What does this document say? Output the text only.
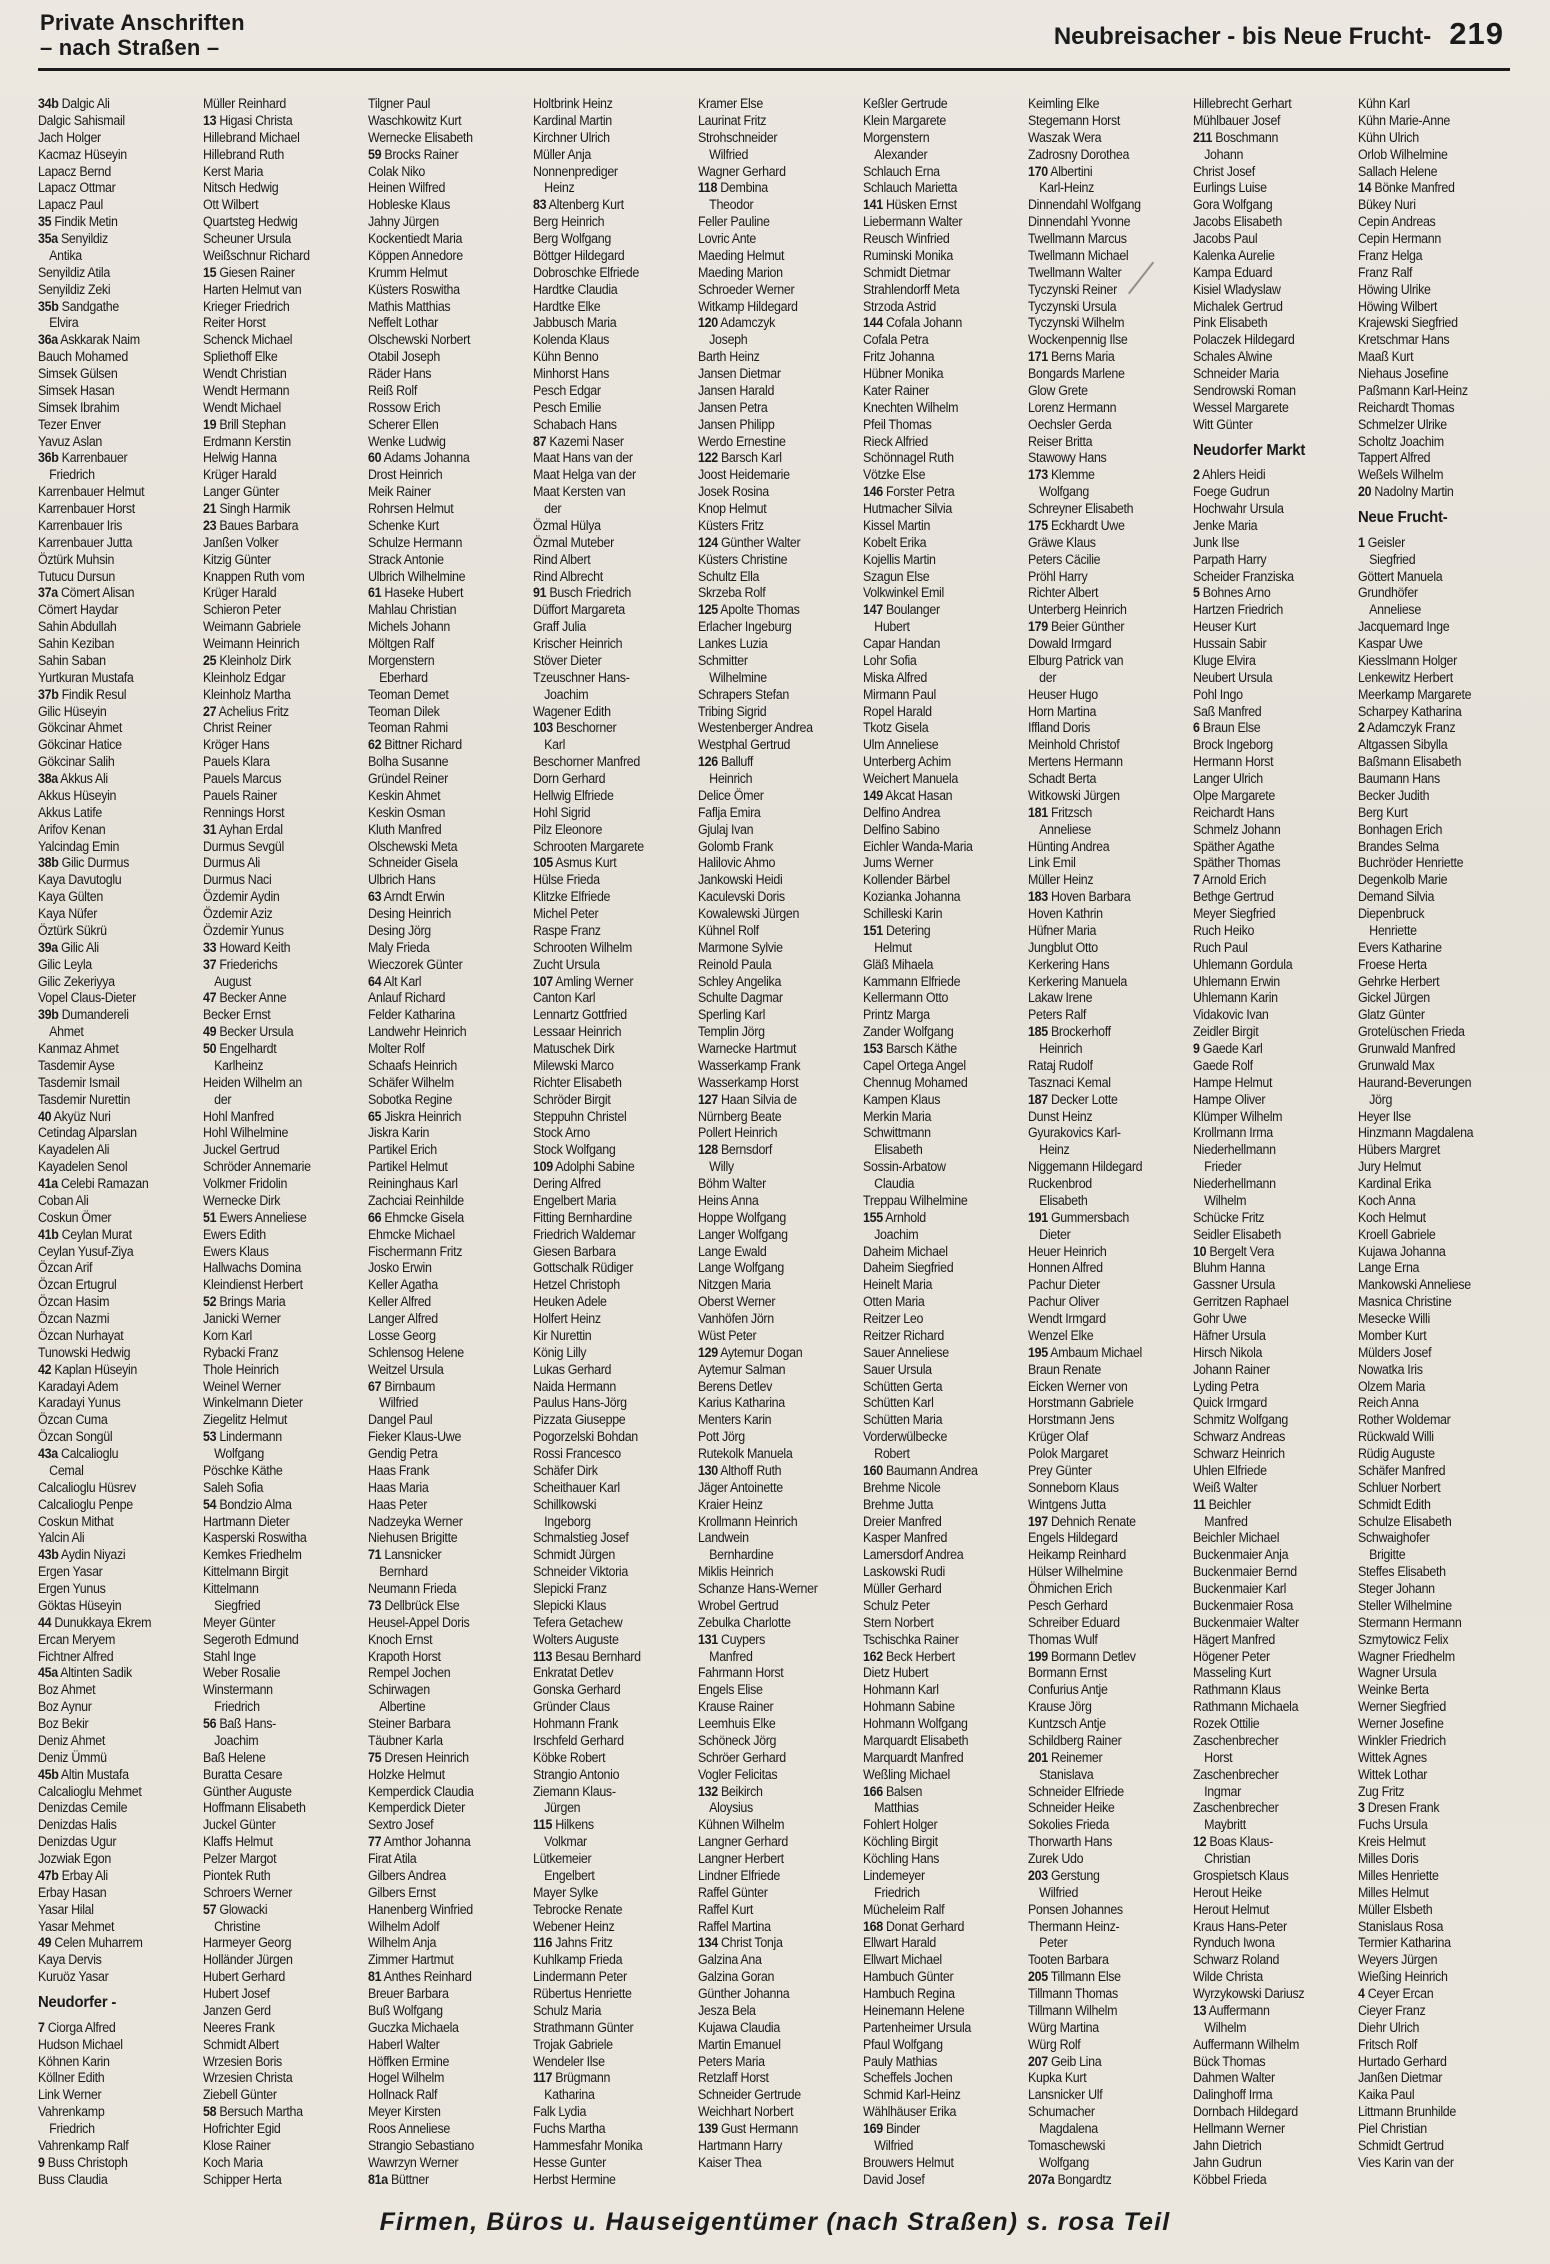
Private Anschriften
– nach Straßen –	Neubreisacher - bis Neue Frucht- 219
34b Dalgic Ali
Dalgic Sahismail
Jach Holger
Kacmaz Hüseyin
Lapacz Bernd
Lapacz Ottmar
Lapacz Paul
35 Findik Metin
35a Senyildiz
Antika
Senyildiz Atila
Senyildiz Zeki
35b Sandgathe
Elvira
36a Askkarak Naim
Bauch Mohamed
Simsek Gülsen
Simsek Hasan
Simsek Ibrahim
Tezer Enver
Yavuz Aslan
36b Karrenbauer
Friedrich
Karrenbauer Helmut
Karrenbauer Horst
Karrenbauer Iris
Karrenbauer Jutta
Öztürk Muhsin
Tutucu Dursun
37a Cömert Alisan
Cömert Haydar
Sahin Abdullah
Sahin Keziban
Sahin Saban
Yurtkuran Mustafa
37b Findik Resul
Gilic Hüseyin
Gökcinar Ahmet
Gökcinar Hatice
Gökcinar Salih
38a Akkus Ali
Akkus Hüseyin
Akkus Latife
Arifov Kenan
Yalcindag Emin
38b Gilic Durmus
Kaya Davutoglu
Kaya Gülten
Kaya Nüfer
Öztürk Sükrü
39a Gilic Ali
Gilic Leyla
Gilic Zekeriyya
Vopel Claus-Dieter
39b Dumandereli
Ahmet
Kanmaz Ahmet
Tasdemir Ayse
Tasdemir Ismail
Tasdemir Nurettin
40 Akyüz Nuri
Cetindag Alparslan
Kayadelen Ali
Kayadelen Senol
41a Celebi Ramazan
Coban Ali
Coskun Ömer
41b Ceylan Murat
Ceylan Yusuf-Ziya
Özcan Arif
Özcan Ertugrul
Özcan Hasim
Özcan Nazmi
Özcan Nurhayat
Tunowski Hedwig
42 Kaplan Hüseyin
Karadayi Adem
Karadayi Yunus
Özcan Cuma
Özcan Songül
43a Calcalioglu
Cemal
Calcalioglu Hüsrev
Calcalioglu Penpe
Coskun Mithat
Yalcin Ali
43b Aydin Niyazi
Ergen Yasar
Ergen Yunus
Göktas Hüseyin
44 Dunukkaya Ekrem
Ercan Meryem
Fichtner Alfred
45a Altinten Sadik
Boz Ahmet
Boz Aynur
Boz Bekir
Deniz Ahmet
Deniz Ümmü
45b Altin Mustafa
Calcalioglu Mehmet
Denizdas Cemile
Denizdas Halis
Denizdas Ugur
Jozwiak Egon
47b Erbay Ali
Erbay Hasan
Yasar Hilal
Yasar Mehmet
49 Celen Muharrem
Kaya Dervis
Kuruöz Yasar
Neudorfer -
7 Ciorga Alfred
Hudson Michael
Köhnen Karin
Köllner Edith
Link Werner
Vahrenkamp
Friedrich
Vahrenkamp Ralf
9 Buss Christoph
Buss Claudia
Müller Reinhard
13 Higasi Christa
Hillebrand Michael
Hillebrand Ruth
Kerst Maria
Nitsch Hedwig
Ott Wilbert
Quartsteg Hedwig
Scheuner Ursula
Weißschnur Richard
15 Giesen Rainer
Harten Helmut van
Krieger Friedrich
Reiter Horst
Schenck Michael
Spliethoff Elke
Wendt Christian
Wendt Hermann
Wendt Michael
19 Brill Stephan
Erdmann Kerstin
Helwig Hanna
Krüger Harald
Langer Günter
21 Singh Harmik
23 Baues Barbara
Janßen Volker
Kitzig Günter
Knappen Ruth vom
Krüger Harald
Schieron Peter
Weimann Gabriele
Weimann Heinrich
25 Kleinholz Dirk
Kleinholz Edgar
Kleinholz Martha
27 Achelius Fritz
Christ Reiner
Kröger Hans
Pauels Klara
Pauels Marcus
Pauels Rainer
Rennings Horst
31 Ayhan Erdal
Durmus Sevgül
Durmus Ali
Durmus Naci
Özdemir Aydin
Özdemir Aziz
Özdemir Yunus
33 Howard Keith
37 Friederichs
August
47 Becker Anne
Becker Ernst
49 Becker Ursula
50 Engelhardt
Karlheinz
Heiden Wilhelm an
der
Hohl Manfred
Hohl Wilhelmine
Juckel Gertrud
Schröder Annemarie
Volkmer Fridolin
Wernecke Dirk
51 Ewers Anneliese
Ewers Edith
Ewers Klaus
Hallwachs Domina
Kleindienst Herbert
52 Brings Maria
Janicki Werner
Korn Karl
Rybacki Franz
Thole Heinrich
Weinel Werner
Winkelmann Dieter
Ziegelitz Helmut
53 Lindermann
Wolfgang
Pöschke Käthe
Saleh Sofia
54 Bondzio Alma
Hartmann Dieter
Kasperski Roswitha
Kemkes Friedhelm
Kittelmann Birgit
Kittelmann
Siegfried
Meyer Günter
Segeroth Edmund
Stahl Inge
Weber Rosalie
Winstermann
Friedrich
56 Baß Hans-
Joachim
Baß Helene
Buratta Cesare
Günther Auguste
Hoffmann Elisabeth
Juckel Günter
Klaffs Helmut
Pelzer Margot
Piontek Ruth
Schroers Werner
57 Glowacki
Christine
Harmeyer Georg
Holländer Jürgen
Hubert Gerhard
Hubert Josef
Janzen Gerd
Neeres Frank
Schmidt Albert
Wrzesien Boris
Wrzesien Christa
Ziebell Günter
58 Bersuch Martha
Hofrichter Egid
Klose Rainer
Koch Maria
Schipper Herta
Tilgner Paul
Waschkowitz Kurt
Wernecke Elisabeth
59 Brocks Rainer
Colak Niko
Heinen Wilfred
Hobleske Klaus
Jahny Jürgen
Kockentiedt Maria
Köppen Annedore
Krumm Helmut
Küsters Roswitha
Mathis Matthias
Neffelt Lothar
Olschewski Norbert
Otabil Joseph
Räder Hans
Reiß Rolf
Rossow Erich
Scherer Ellen
Wenke Ludwig
60 Adams Johanna
Drost Heinrich
Meik Rainer
Rohrsen Helmut
Schenke Kurt
Schulze Hermann
Strack Antonie
Ulbrich Wilhelmine
61 Haseke Hubert
Mahlau Christian
Michels Johann
Möltgen Ralf
Morgenstern
Eberhard
Teoman Demet
Teoman Dilek
Teoman Rahmi
62 Bittner Richard
Bolha Susanne
Gründel Reiner
Keskin Ahmet
Keskin Osman
Kluth Manfred
Olschewski Meta
Schneider Gisela
Ulbrich Hans
63 Arndt Erwin
Desing Heinrich
Desing Jörg
Maly Frieda
Wieczorek Günter
64 Alt Karl
Anlauf Richard
Felder Katharina
Landwehr Heinrich
Molter Rolf
Schaafs Heinrich
Schäfer Wilhelm
Sobotka Regine
65 Jiskra Heinrich
Jiskra Karin
Partikel Erich
Partikel Helmut
Reininghaus Karl
Zachciai Reinhilde
66 Ehmcke Gisela
Ehmcke Michael
Fischermann Fritz
Josko Erwin
Keller Agatha
Keller Alfred
Langer Alfred
Losse Georg
Schlensog Helene
Weitzel Ursula
67 Birnbaum
Wilfried
Dangel Paul
Fieker Klaus-Uwe
Gendig Petra
Haas Frank
Haas Maria
Haas Peter
Nadzeyka Werner
Niehusen Brigitte
71 Lansnicker
Bernhard
Neumann Frieda
73 Dellbrück Else
Heusel-Appel Doris
Knoch Ernst
Krapoth Horst
Rempel Jochen
Schirwagen
Albertine
Steiner Barbara
Täubner Karla
75 Dresen Heinrich
Holzke Helmut
Kemperdick Claudia
Kemperdick Dieter
Sextro Josef
77 Amthor Johanna
Firat Atila
Gilbers Andrea
Gilbers Ernst
Hanenberg Winfried
Wilhelm Adolf
Wilhelm Anja
Zimmer Hartmut
81 Anthes Reinhard
Breuer Barbara
Buß Wolfgang
Guczka Michaela
Haberl Walter
Höffken Ermine
Hogel Wilhelm
Hollnack Ralf
Meyer Kirsten
Roos Anneliese
Strangio Sebastiano
Wawrzyn Werner
81a Büttner
Holtbrink Heinz
Kardinal Martin
Kirchner Ulrich
Müller Anja
Nonnenprediger
Heinz
83 Altenberg Kurt
Berg Heinrich
Berg Wolfgang
Böttger Hildegard
Dobroschke Elfriede
Hardtke Claudia
Hardtke Elke
Jabbusch Maria
Kolenda Klaus
Kühn Benno
Minhorst Hans
Pesch Edgar
Pesch Emilie
Schabach Hans
87 Kazemi Naser
Maat Hans van der
Maat Helga van der
Maat Kersten van
der
Özmal Hülya
Özmal Muteber
Rind Albert
Rind Albrecht
91 Busch Friedrich
Düffort Margareta
Graff Julia
Krischer Heinrich
Stöver Dieter
Tzeuschner Hans-
Joachim
Wagener Edith
103 Beschorner
Karl
Beschorner Manfred
Dorn Gerhard
Hellwig Elfriede
Hohl Sigrid
Pilz Eleonore
Schrooten Margarete
105 Asmus Kurt
Hülse Frieda
Klitzke Elfriede
Michel Peter
Raspe Franz
Schrooten Wilhelm
Zucht Ursula
107 Amling Werner
Canton Karl
Lennartz Gottfried
Lessaar Heinrich
Matuschek Dirk
Milewski Marco
Richter Elisabeth
Schröder Birgit
Steppuhn Christel
Stock Arno
Stock Wolfgang
109 Adolphi Sabine
Dering Alfred
Engelbert Maria
Fitting Bernhardine
Friedrich Waldemar
Giesen Barbara
Gottschalk Rüdiger
Hetzel Christoph
Heuken Adele
Holfert Heinz
Kir Nurettin
König Lilly
Lukas Gerhard
Naida Hermann
Paulus Hans-Jörg
Pizzata Giuseppe
Pogorzelski Bohdan
Rossi Francesco
Schäfer Dirk
Scheithauer Karl
Schillkowski
Ingeborg
Schmalstieg Josef
Schmidt Jürgen
Schneider Viktoria
Slepicki Franz
Slepicki Klaus
Tefera Getachew
Wolters Auguste
113 Besau Bernhard
Enkratat Detlev
Gonska Gerhard
Gründer Claus
Hohmann Frank
Irschfeld Gerhard
Köbke Robert
Strangio Antonio
Ziemann Klaus-
Jürgen
115 Hilkens
Volkmar
Lütkemeier
Engelbert
Mayer Sylke
Tebrocke Renate
Webener Heinz
116 Jahns Fritz
Kuhlkamp Frieda
Lindermann Peter
Rübertus Henriette
Schulz Maria
Strathmann Günter
Trojak Gabriele
Wendeler Ilse
117 Brügmann
Katharina
Falk Lydia
Fuchs Martha
Hammesfahr Monika
Hesse Gunter
Herbst Hermine
Kramer Else
Laurinat Fritz
Strohschneider
Wilfried
Wagner Gerhard
118 Dembina
Theodor
Feller Pauline
Lovric Ante
Maeding Helmut
Maeding Marion
Schroeder Werner
Witkamp Hildegard
120 Adamczyk
Joseph
Barth Heinz
Jansen Dietmar
Jansen Harald
Jansen Petra
Jansen Philipp
Werdo Ernestine
122 Barsch Karl
Joost Heidemarie
Josek Rosina
Knop Helmut
Küsters Fritz
124 Günther Walter
Küsters Christine
Schultz Ella
Skrzeba Rolf
125 Apolte Thomas
Erlacher Ingeburg
Lankes Luzia
Schmitter
Wilhelmine
Schrapers Stefan
Tribing Sigrid
Westenberger Andrea
Westphal Gertrud
126 Balluff
Heinrich
Delice Ömer
Faflja Emira
Gjulaj Ivan
Golomb Frank
Halilovic Ahmo
Jankowski Heidi
Kaculevski Doris
Kowalewski Jürgen
Kühnel Rolf
Marmone Sylvie
Reinold Paula
Schley Angelika
Schulte Dagmar
Sperling Karl
Templin Jörg
Warnecke Hartmut
Wasserkamp Frank
Wasserkamp Horst
127 Haan Silvia de
Nürnberg Beate
Pollert Heinrich
128 Bernsdorf
Willy
Böhm Walter
Heins Anna
Hoppe Wolfgang
Langer Wolfgang
Lange Ewald
Lange Wolfgang
Nitzgen Maria
Oberst Werner
Vanhöfen Jörn
Wüst Peter
129 Aytemur Dogan
Aytemur Salman
Berens Detlev
Karius Katharina
Menters Karin
Pott Jörg
Rutekolk Manuela
130 Althoff Ruth
Jäger Antoinette
Kraier Heinz
Krollmann Heinrich
Landwein
Bernhardine
Miklis Heinrich
Schanze Hans-Werner
Wrobel Gertrud
Zebulka Charlotte
131 Cuypers
Manfred
Fahrmann Horst
Engels Elise
Krause Rainer
Leemhuis Elke
Schöneck Jörg
Schröer Gerhard
Vogler Felicitas
132 Beikirch
Aloysius
Kühnen Wilhelm
Langner Gerhard
Langner Herbert
Lindner Elfriede
Raffel Günter
Raffel Kurt
Raffel Martina
134 Christ Tonja
Galzina Ana
Galzina Goran
Günther Johanna
Jesza Bela
Kujawa Claudia
Martin Emanuel
Peters Maria
Retzlaff Horst
Schneider Gertrude
Weichhart Norbert
139 Gust Hermann
Hartmann Harry
Kaiser Thea
Keßler Gertrude
Klein Margarete
Morgenstern
Alexander
Schlauch Erna
Schlauch Marietta
141 Hüsken Ernst
Liebermann Walter
Reusch Winfried
Ruminski Monika
Schmidt Dietmar
Strahlendorff Meta
Strzoda Astrid
144 Cofala Johann
Cofala Petra
Fritz Johanna
Hübner Monika
Kater Rainer
Knechten Wilhelm
Pfeil Thomas
Rieck Alfried
Schönnagel Ruth
Vötzke Else
146 Forster Petra
Hutmacher Silvia
Kissel Martin
Kobelt Erika
Kojellis Martin
Szagun Else
Volkwinkel Emil
147 Boulanger
Hubert
Capar Handan
Lohr Sofia
Miska Alfred
Mirmann Paul
Ropel Harald
Tkotz Gisela
Ulm Anneliese
Unterberg Achim
Weichert Manuela
149 Akcat Hasan
Delfino Andrea
Delfino Sabino
Eichler Wanda-Maria
Jums Werner
Kollender Bärbel
Kozianka Johanna
Schilleski Karin
151 Detering
Helmut
Gläß Mihaela
Kammann Elfriede
Kellermann Otto
Printz Marga
Zander Wolfgang
153 Barsch Käthe
Capel Ortega Angel
Chennug Mohamed
Kampen Klaus
Merkin Maria
Schwittmann
Elisabeth
Sossin-Arbatow
Claudia
Treppau Wilhelmine
155 Arnhold
Joachim
Daheim Michael
Daheim Siegfried
Heinelt Maria
Otten Maria
Reitzer Leo
Reitzer Richard
Sauer Anneliese
Sauer Ursula
Schütten Gerta
Schütten Karl
Schütten Maria
Vorderwülbecke
Robert
160 Baumann Andrea
Brehme Nicole
Brehme Jutta
Dreier Manfred
Kasper Manfred
Lamersdorf Andrea
Laskowski Rudi
Müller Gerhard
Schulz Peter
Stern Norbert
Tschischka Rainer
162 Beck Herbert
Dietz Hubert
Hohmann Karl
Hohmann Sabine
Hohmann Wolfgang
Marquardt Elisabeth
Marquardt Manfred
Weßling Michael
166 Balsen
Matthias
Fohlert Holger
Köchling Birgit
Köchling Hans
Lindemeyer
Friedrich
Mücheleim Ralf
168 Donat Gerhard
Ellwart Harald
Ellwart Michael
Hambuch Günter
Hambuch Regina
Heinemann Helene
Partenheimer Ursula
Pfaul Wolfgang
Pauly Mathias
Scheffels Jochen
Schmid Karl-Heinz
Wählhäuser Erika
169 Binder
Wilfried
Brouwers Helmut
David Josef
Keimling Elke
Stegemann Horst
Waszak Wera
Zadrosny Dorothea
170 Albertini
Karl-Heinz
Dinnendahl Wolfgang
Dinnendahl Yvonne
Twellmann Marcus
Twellmann Michael
Twellmann Walter
Tyczynski Reiner
Tyczynski Ursula
Tyczynski Wilhelm
Wockenpennig Ilse
171 Berns Maria
Bongards Marlene
Glow Grete
Lorenz Hermann
Oechsler Gerda
Reiser Britta
Stawowy Hans
173 Klemme
Wolfgang
Schreyner Elisabeth
175 Eckhardt Uwe
Gräwe Klaus
Peters Cäcilie
Pröhl Harry
Richter Albert
Unterberg Heinrich
179 Beier Günther
Dowald Irmgard
Elburg Patrick van
der
Heuser Hugo
Horn Martina
Iffland Doris
Meinhold Christof
Mertens Hermann
Schadt Berta
Witkowski Jürgen
181 Fritzsch
Anneliese
Hünting Andrea
Link Emil
Müller Heinz
183 Hoven Barbara
Hoven Kathrin
Hüfner Maria
Jungblut Otto
Kerkering Hans
Kerkering Manuela
Lakaw Irene
Peters Ralf
185 Brockerhoff
Heinrich
Rataj Rudolf
Tasznaci Kemal
187 Decker Lotte
Dunst Heinz
Gyurakovics Karl-
Heinz
Niggemann Hildegard
Ruckenbrod
Elisabeth
191 Gummersbach
Dieter
Heuer Heinrich
Honnen Alfred
Pachur Dieter
Pachur Oliver
Wendt Irmgard
Wenzel Elke
195 Ambaum Michael
Braun Renate
Eicken Werner von
Horstmann Gabriele
Horstmann Jens
Krüger Olaf
Polok Margaret
Prey Günter
Sonneborn Klaus
Wintgens Jutta
197 Dehnich Renate
Engels Hildegard
Heikamp Reinhard
Hülser Wilhelmine
Öhmichen Erich
Pesch Gerhard
Schreiber Eduard
Thomas Wulf
199 Bormann Detlev
Bormann Ernst
Confurius Antje
Krause Jörg
Kuntzsch Antje
Schildberg Rainer
201 Reinemer
Stanislava
Schneider Elfriede
Schneider Heike
Sokolies Frieda
Thorwarth Hans
Zurek Udo
203 Gerstung
Wilfried
Ponsen Johannes
Thermann Heinz-
Peter
Tooten Barbara
205 Tillmann Else
Tillmann Thomas
Tillmann Wilhelm
Würg Martina
Würg Rolf
207 Geib Lina
Kupka Kurt
Lansnicker Ulf
Schumacher
Magdalena
Tomaschewski
Wolfgang
207a Bongardtz
Hillebrecht Gerhart
Mühlbauer Josef
211 Boschmann
Johann
Christ Josef
Eurlings Luise
Gora Wolfgang
Jacobs Elisabeth
Jacobs Paul
Kalenka Aurelie
Kampa Eduard
Kisiel Wladyslaw
Michalek Gertrud
Pink Elisabeth
Polaczek Hildegard
Schales Alwine
Schneider Maria
Sendrowski Roman
Wessel Margarete
Witt Günter
Neudorfer Markt
2 Ahlers Heidi
Foege Gudrun
Hochwahr Ursula
Jenke Maria
Junk Ilse
Parpath Harry
Scheider Franziska
5 Bohnes Arno
Hartzen Friedrich
Heuser Kurt
Hussain Sabir
Kluge Elvira
Neubert Ursula
Pohl Ingo
Saß Manfred
6 Braun Else
Brock Ingeborg
Hermann Horst
Langer Ulrich
Olpe Margarete
Reichardt Hans
Schmelz Johann
Späther Agathe
Späther Thomas
7 Arnold Erich
Bethge Gertrud
Meyer Siegfried
Ruch Heiko
Ruch Paul
Uhlemann Gordula
Uhlemann Erwin
Uhlemann Karin
Vidakovic Ivan
Zeidler Birgit
9 Gaede Karl
Gaede Rolf
Hampe Helmut
Hampe Oliver
Klümper Wilhelm
Krollmann Irma
Niederhellmann
Frieder
Niederhellmann
Wilhelm
Schücke Fritz
Seidler Elisabeth
10 Bergelt Vera
Bluhm Hanna
Gassner Ursula
Gerritzen Raphael
Gohr Uwe
Häfner Ursula
Hirsch Nikola
Johann Rainer
Lyding Petra
Quick Irmgard
Schmitz Wolfgang
Schwarz Andreas
Schwarz Heinrich
Uhlen Elfriede
Weiß Walter
11 Beichler
Manfred
Beichler Michael
Buckenmaier Anja
Buckenmaier Bernd
Buckenmaier Karl
Buckenmaier Rosa
Buckenmaier Walter
Hägert Manfred
Högener Peter
Masseling Kurt
Rathmann Klaus
Rathmann Michaela
Rozek Ottilie
Zaschenbrecher
Horst
Zaschenbrecher
Ingmar
Zaschenbrecher
Maybritt
12 Boas Klaus-
Christian
Grospietsch Klaus
Herout Heike
Herout Helmut
Kraus Hans-Peter
Rynduch Iwona
Schwarz Roland
Wilde Christa
Wyrzykowski Dariusz
13 Auffermann
Wilhelm
Auffermann Wilhelm
Bück Thomas
Dahmen Walter
Dalinghoff Irma
Dornbach Hildegard
Hellmann Werner
Jahn Dietrich
Jahn Gudrun
Köbbel Frieda
Kühn Karl
Kühn Marie-Anne
Kühn Ulrich
Orlob Wilhelmine
Sallach Helene
14 Bönke Manfred
Bükey Nuri
Cepin Andreas
Cepin Hermann
Franz Helga
Franz Ralf
Höwing Ulrike
Höwing Wilbert
Krajewski Siegfried
Kretschmar Hans
Maaß Kurt
Niehaus Josefine
Paßmann Karl-Heinz
Reichardt Thomas
Schmelzer Ulrike
Scholtz Joachim
Tappert Alfred
Weßels Wilhelm
20 Nadolny Martin
Neue Frucht-
1 Geisler
Siegfried
Göttert Manuela
Grundhöfer
Anneliese
Jacquemard Inge
Kaspar Uwe
Kiesslmann Holger
Lenkewitz Herbert
Meerkamp Margarete
Scharpey Katharina
2 Adamczyk Franz
Altgassen Sibylla
Baßmann Elisabeth
Baumann Hans
Becker Judith
Berg Kurt
Bonhagen Erich
Brandes Selma
Buchröder Henriette
Degenkolb Marie
Demand Silvia
Diepenbruck
Henriette
Evers Katharine
Froese Herta
Gehrke Herbert
Gickel Jürgen
Glatz Günter
Grotelüschen Frieda
Grunwald Manfred
Grunwald Max
Haurand-Beverungen
Jörg
Heyer Ilse
Hinzmann Magdalena
Hübers Margret
Jury Helmut
Kardinal Erika
Koch Anna
Koch Helmut
Kroell Gabriele
Kujawa Johanna
Lange Erna
Mankowski Anneliese
Masnica Christine
Mesecke Willi
Momber Kurt
Mülders Josef
Nowatka Iris
Olzem Maria
Reich Anna
Rother Woldemar
Rückwald Willi
Rüdig Auguste
Schäfer Manfred
Schluer Norbert
Schmidt Edith
Schulze Elisabeth
Schwaighofer
Brigitte
Steffes Elisabeth
Steger Johann
Steller Wilhelmine
Stermann Hermann
Szmytowicz Felix
Wagner Friedhelm
Wagner Ursula
Weinke Berta
Werner Siegfried
Werner Josefine
Winkler Friedrich
Wittek Agnes
Wittek Lothar
Zug Fritz
3 Dresen Frank
Fuchs Ursula
Kreis Helmut
Milles Doris
Milles Henriette
Milles Helmut
Müller Elsbeth
Stanislaus Rosa
Termier Katharina
Weyers Jürgen
Wießing Heinrich
4 Ceyer Ercan
Cieyer Franz
Diehr Ulrich
Fritsch Rolf
Hurtado Gerhard
Janßen Dietmar
Kaika Paul
Littmann Brunhilde
Piel Christian
Schmidt Gertrud
Vies Karin van der
Firmen, Büros u. Hauseigentümer (nach Straßen) s. rosa Teil
